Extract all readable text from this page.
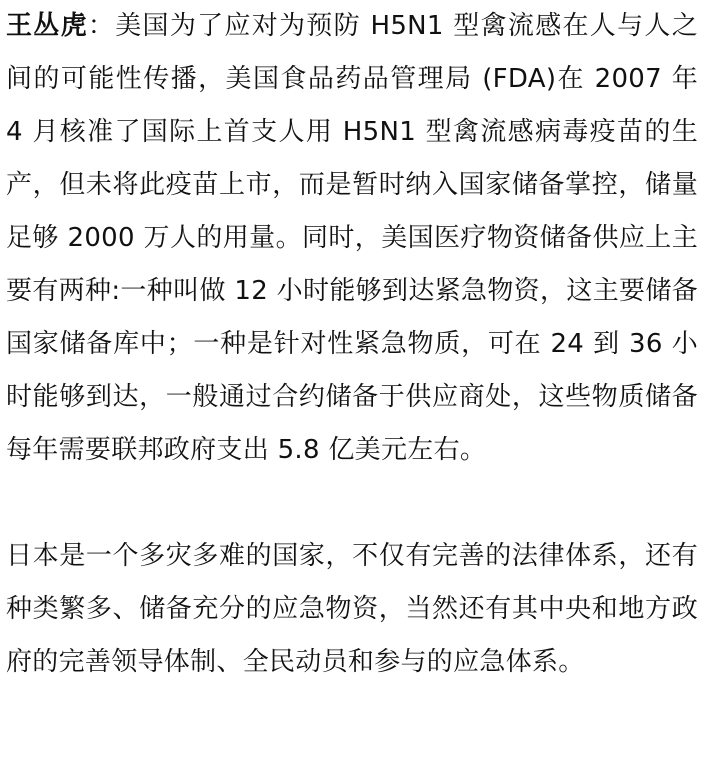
王丛虎：美国为了应对为预防 H5N1 型禽流感在人与人之间的可能性传播，美国食品药品管理局 (FDA)在 2007 年 4 月核准了国际上首支人用 H5N1 型禽流感病毒疫苗的生产，但未将此疫苗上市，而是暂时纳入国家储备掌控，储量足够 2000 万人的用量。同时，美国医疗物资储备供应上主要有两种:一种叫做 12 小时能够到达紧急物资，这主要储备国家储备库中；一种是针对性紧急物质，可在 24 到 36 小时能够到达，一般通过合约储备于供应商处，这些物质储备每年需要联邦政府支出 5.8 亿美元左右。

日本是一个多灾多难的国家，不仅有完善的法律体系，还有种类繁多、储备充分的应急物资，当然还有其中央和地方政府的完善领导体制、全民动员和参与的应急体系。
